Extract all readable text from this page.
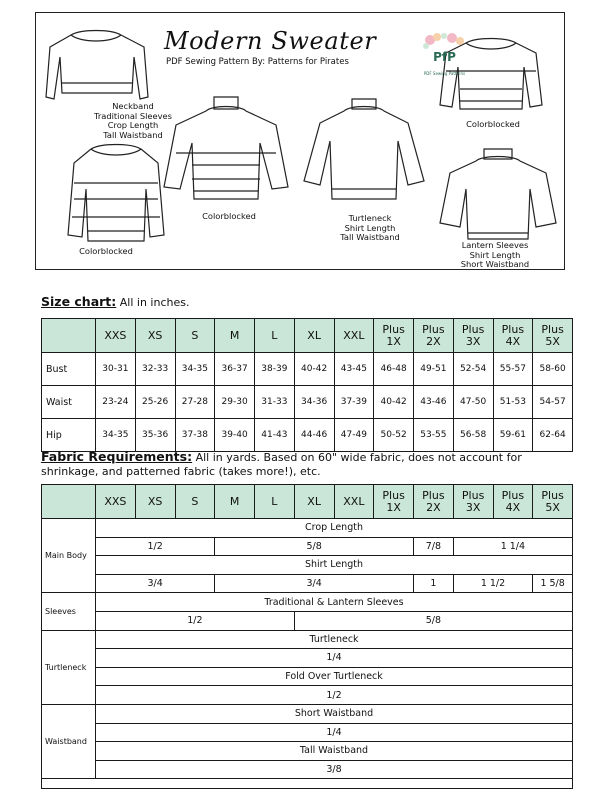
Modern Sweater
PDF Sewing Pattern By: Patterns for Pirates	PfP
PDF Sewing Patterns
Neckband
Traditional Sleeves
Crop Length
Tall Waistband
Colorblocked
Colorblocked	Turtleneck
Shirt Length
Tall Waistband
Colorblocked
Lantern Sleeves
Shirt Length
Short Waistband
Size chart: All in inches.
	XXS	XS	S	M	L	XL	XXL	Plus 1X	Plus 2X	Plus 3X	Plus 4X	Plus 5X
Bust	30-31	32-33	34-35	36-37	38-39	40-42	43-45	46-48	49-51	52-54	55-57	58-60
Waist	23-24	25-26	27-28	29-30	31-33	34-36	37-39	40-42	43-46	47-50	51-53	54-57
Hip	34-35	35-36	37-38	39-40	41-43	44-46	47-49	50-52	53-55	56-58	59-61	62-64
Fabric Requirements: All in yards. Based on 60" wide fabric, does not account for
shrinkage, and patterned fabric (takes more!), etc.
	XXS	XS	S	M	L	XL	XXL	Plus 1X	Plus 2X	Plus 3X	Plus 4X	Plus 5X
Main Body	Crop Length											
	1/2			5/8					7/8	1 1/4		
	Shirt Length											
	3/4			3/4					1	1 1/2		1 5/8
Sleeves	Traditional & Lantern Sleeves											
	1/2					5/8						
Turtleneck	Turtleneck											
	1/4											
	Fold Over Turtleneck											
	1/2											
Waistband	Short Waistband											
	1/4											
	Tall Waistband											
	3/8											
